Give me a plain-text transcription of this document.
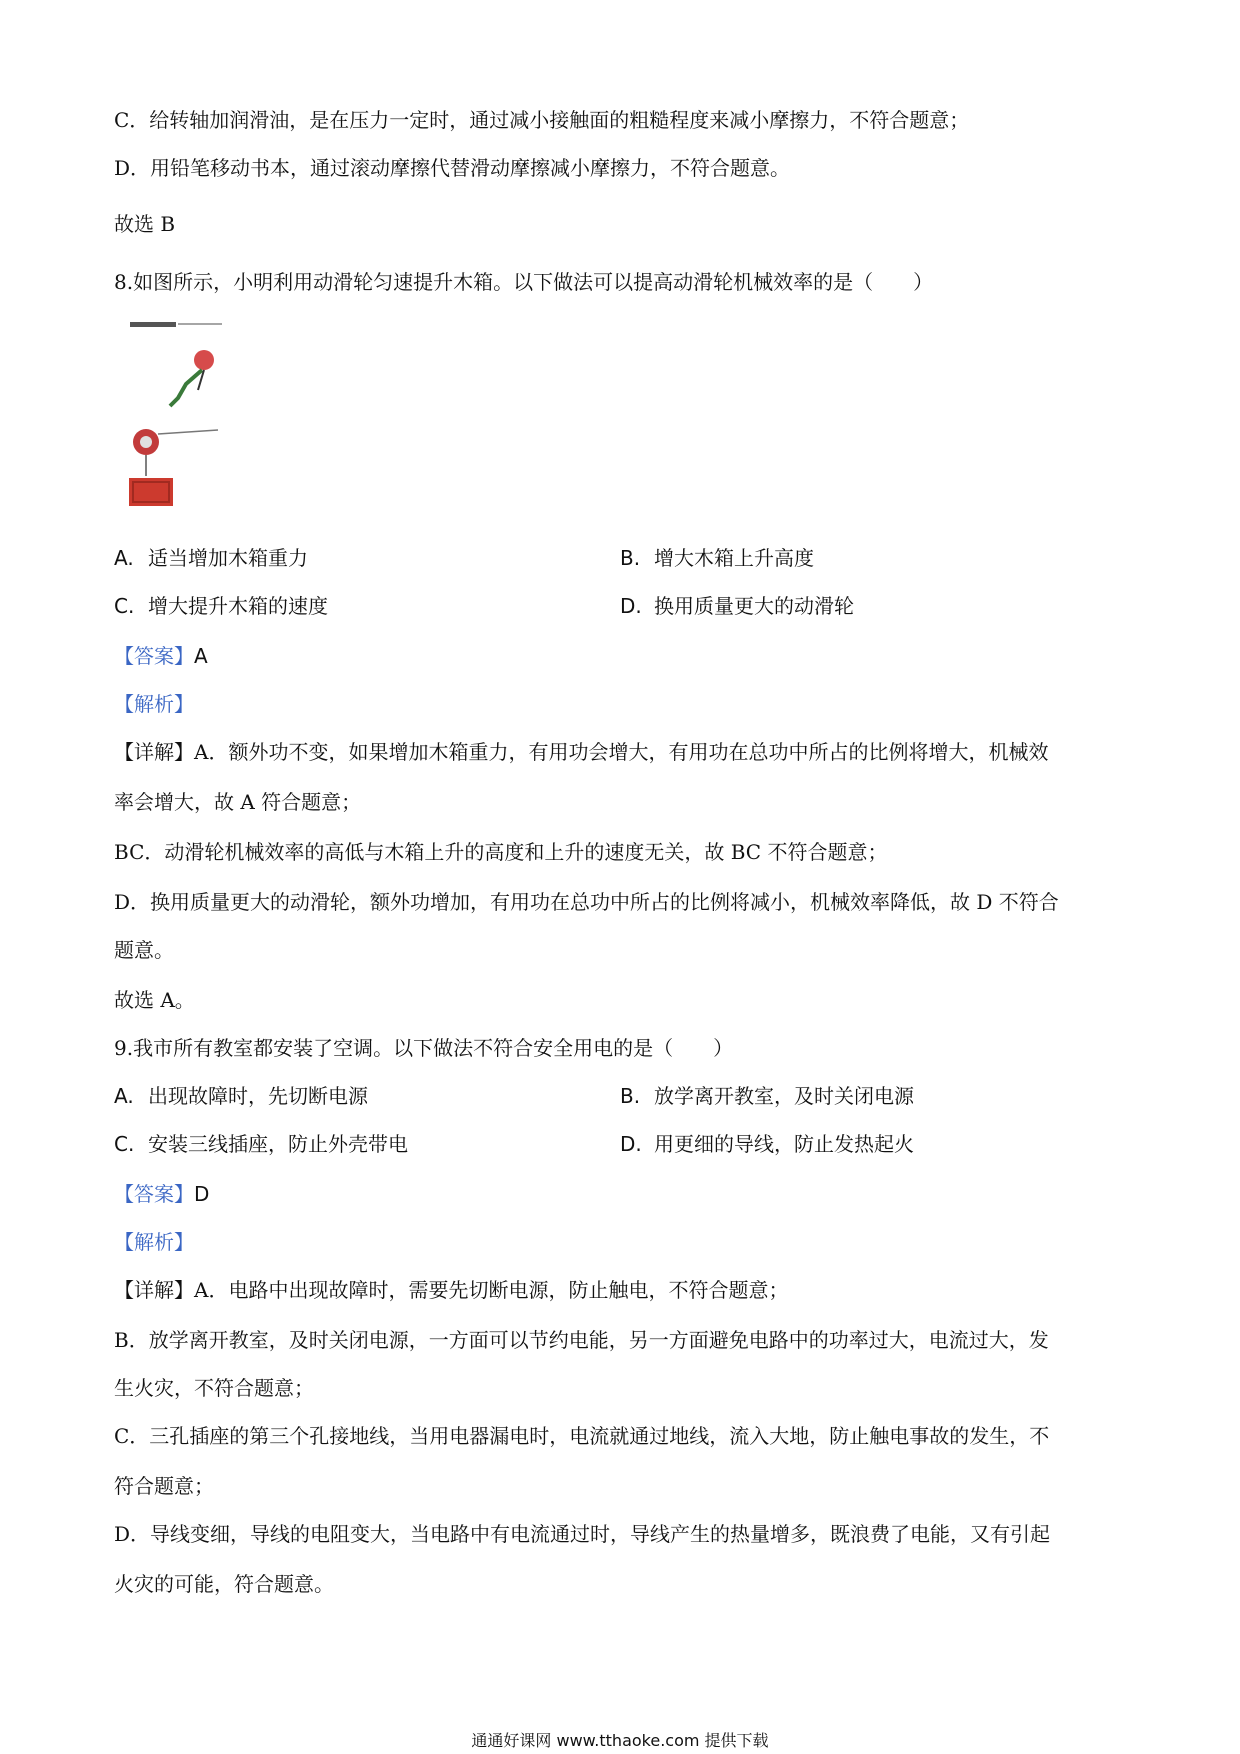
C．给转轴加润滑油，是在压力一定时，通过减小接触面的粗糙程度来减小摩擦力，不符合题意；
D．用铅笔移动书本，通过滚动摩擦代替滑动摩擦减小摩擦力，不符合题意。
故选 B
8.如图所示，小明利用动滑轮匀速提升木箱。以下做法可以提高动滑轮机械效率的是（　　）
A. 适当增加木箱重力	B. 增大木箱上升高度
C. 增大提升木箱的速度	D. 换用质量更大的动滑轮
【答案】A
【解析】
【详解】A．额外功不变，如果增加木箱重力，有用功会增大，有用功在总功中所占的比例将增大，机械效
率会增大，故 A 符合题意；
BC．动滑轮机械效率的高低与木箱上升的高度和上升的速度无关，故 BC 不符合题意；
D．换用质量更大的动滑轮，额外功增加，有用功在总功中所占的比例将减小，机械效率降低，故 D 不符合
题意。
故选 A。
9.我市所有教室都安装了空调。以下做法不符合安全用电的是（　　）
A. 出现故障时，先切断电源	B. 放学离开教室，及时关闭电源
C. 安装三线插座，防止外壳带电	D. 用更细的导线，防止发热起火
【答案】D
【解析】
【详解】A．电路中出现故障时，需要先切断电源，防止触电，不符合题意；
B．放学离开教室，及时关闭电源，一方面可以节约电能，另一方面避免电路中的功率过大，电流过大，发
生火灾，不符合题意；
C．三孔插座的第三个孔接地线，当用电器漏电时，电流就通过地线，流入大地，防止触电事故的发生，不
符合题意；
D．导线变细，导线的电阻变大，当电路中有电流通过时，导线产生的热量增多，既浪费了电能，又有引起
火灾的可能，符合题意。
通通好课网 www.tthaoke.com 提供下载
